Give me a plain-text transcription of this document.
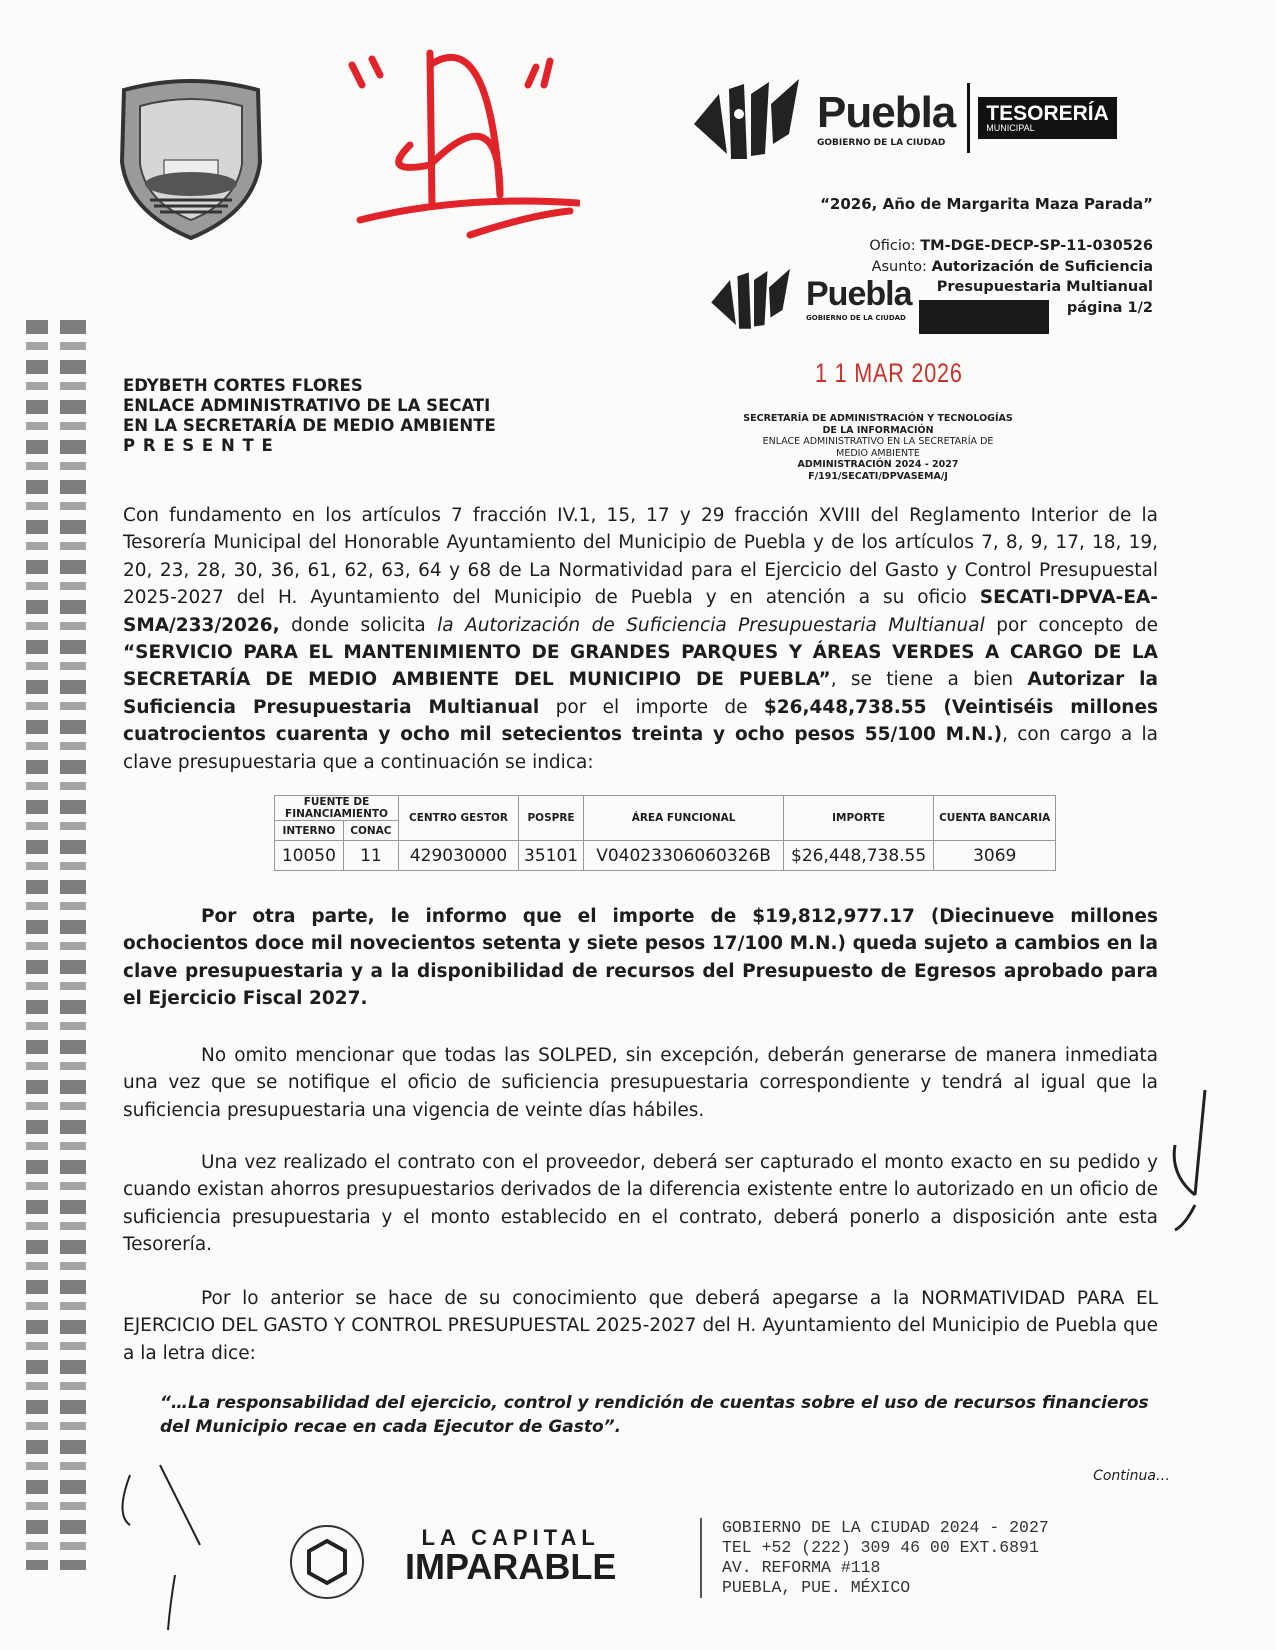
Puebla
GOBIERNO DE LA CIUDAD
TESORERÍA
MUNICIPAL
“2026, Año de Margarita Maza Parada”
Oficio: TM-DGE-DECP-SP-11-030526
Asunto: Autorización de Suficiencia
Presupuestaria Multianual
página 1/2
Puebla
GOBIERNO DE LA CIUDAD
1 1 MAR 2026
EDYBETH CORTES FLORES
ENLACE ADMINISTRATIVO DE LA SECATI
EN LA SECRETARÍA DE MEDIO AMBIENTE
P R E S E N T E
SECRETARÍA DE ADMINISTRACIÓN Y TECNOLOGÍAS
DE LA INFORMACIÓN
ENLACE ADMINISTRATIVO EN LA SECRETARÍA DE
MEDIO AMBIENTE
ADMINISTRACIÓN 2024 - 2027
F/191/SECATI/DPVASEMA/J
Con fundamento en los artículos 7 fracción IV.1, 15, 17 y 29 fracción XVIII del Reglamento Interior de la Tesorería Municipal del Honorable Ayuntamiento del Municipio de Puebla y de los artículos 7, 8, 9, 17, 18, 19, 20, 23, 28, 30, 36, 61, 62, 63, 64 y 68 de La Normatividad para el Ejercicio del Gasto y Control Presupuestal 2025-2027 del H. Ayuntamiento del Municipio de Puebla y en atención a su oficio SECATI-DPVA-EA-SMA/233/2026, donde solicita la Autorización de Suficiencia Presupuestaria Multianual por concepto de “SERVICIO PARA EL MANTENIMIENTO DE GRANDES PARQUES Y ÁREAS VERDES A CARGO DE LA SECRETARÍA DE MEDIO AMBIENTE DEL MUNICIPIO DE PUEBLA”, se tiene a bien Autorizar la Suficiencia Presupuestaria Multianual por el importe de $26,448,738.55 (Veintiséis millones cuatrocientos cuarenta y ocho mil setecientos treinta y ocho pesos 55/100 M.N.), con cargo a la clave presupuestaria que a continuación se indica:
FUENTE DE FINANCIAMIENTO		CENTRO GESTOR	POSPRE	ÁREA FUNCIONAL	IMPORTE	CUENTA BANCARIA
INTERNO	CONAC					
10050	11	429030000	35101	V04023306060326B	$26,448,738.55	3069
Por otra parte, le informo que el importe de $19,812,977.17 (Diecinueve millones ochocientos doce mil novecientos setenta y siete pesos 17/100 M.N.) queda sujeto a cambios en la clave presupuestaria y a la disponibilidad de recursos del Presupuesto de Egresos aprobado para el Ejercicio Fiscal 2027.
No omito mencionar que todas las SOLPED, sin excepción, deberán generarse de manera inmediata una vez que se notifique el oficio de suficiencia presupuestaria correspondiente y tendrá al igual que la suficiencia presupuestaria una vigencia de veinte días hábiles.
Una vez realizado el contrato con el proveedor, deberá ser capturado el monto exacto en su pedido y cuando existan ahorros presupuestarios derivados de la diferencia existente entre lo autorizado en un oficio de suficiencia presupuestaria y el monto establecido en el contrato, deberá ponerlo a disposición ante esta Tesorería.
Por lo anterior se hace de su conocimiento que deberá apegarse a la NORMATIVIDAD PARA EL EJERCICIO DEL GASTO Y CONTROL PRESUPUESTAL 2025-2027 del H. Ayuntamiento del Municipio de Puebla que a la letra dice:
“…La responsabilidad del ejercicio, control y rendición de cuentas sobre el uso de recursos financieros del Municipio recae en cada Ejecutor de Gasto”.
Continua…
LA CAPITAL
IMPARABLE
GOBIERNO DE LA CIUDAD 2024 - 2027
TEL +52 (222) 309 46 00 EXT.6891
AV. REFORMA #118
PUEBLA, PUE. MÉXICO
